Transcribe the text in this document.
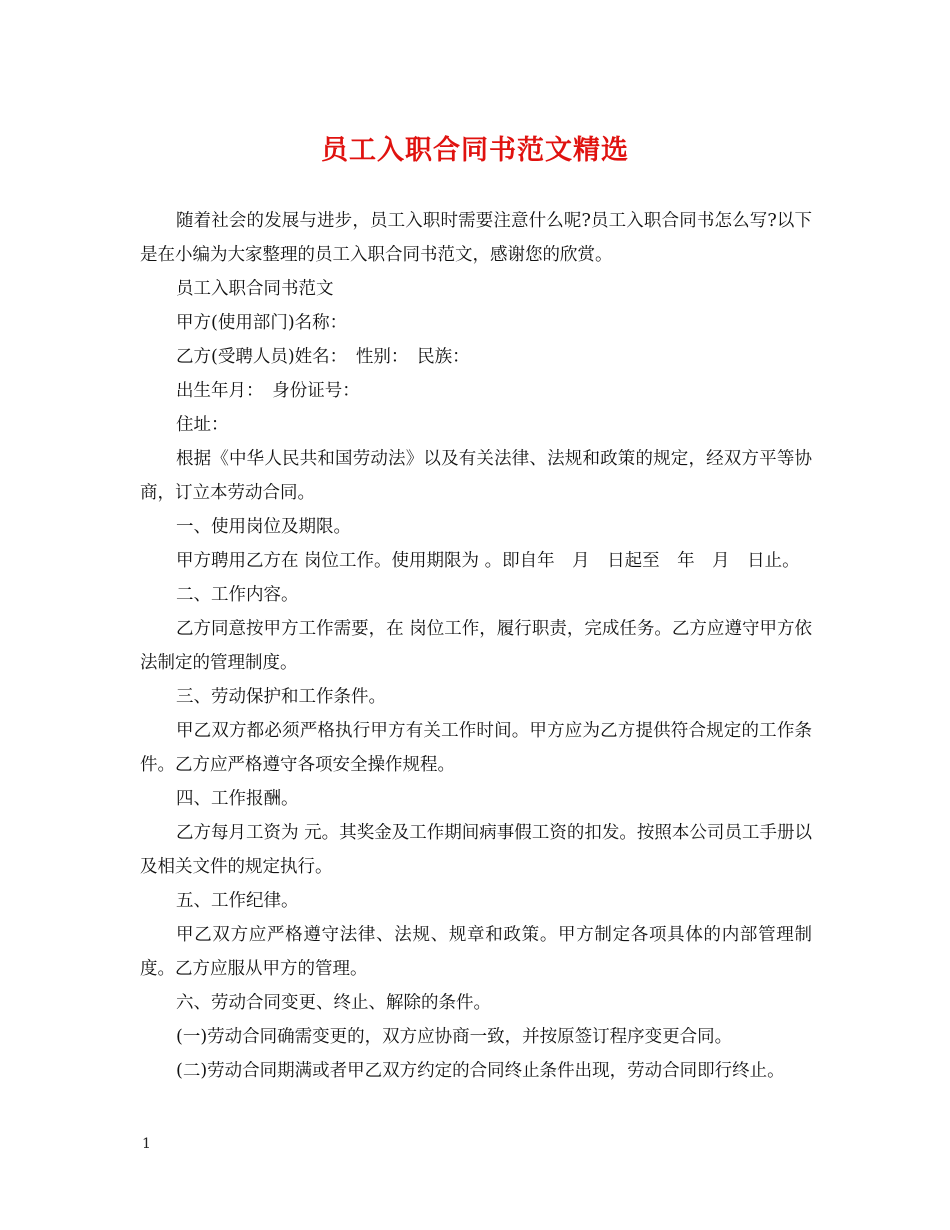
员工入职合同书范文精选

随着社会的发展与进步，员工入职时需要注意什么呢?员工入职合同书怎么写?以下是在小编为大家整理的员工入职合同书范文，感谢您的欣赏。

员工入职合同书范文

甲方(使用部门)名称：

乙方(受聘人员)姓名：　性别：　民族：

出生年月：　身份证号：

住址：

根据《中华人民共和国劳动法》以及有关法律、法规和政策的规定，经双方平等协商，订立本劳动合同。

一、使用岗位及期限。

甲方聘用乙方在 岗位工作。使用期限为 。即自年　月　日起至　年　月　日止。

二、工作内容。

乙方同意按甲方工作需要，在 岗位工作，履行职责，完成任务。乙方应遵守甲方依法制定的管理制度。

三、劳动保护和工作条件。

甲乙双方都必须严格执行甲方有关工作时间。甲方应为乙方提供符合规定的工作条件。乙方应严格遵守各项安全操作规程。

四、工作报酬。

乙方每月工资为 元。其奖金及工作期间病事假工资的扣发。按照本公司员工手册以及相关文件的规定执行。

五、工作纪律。

甲乙双方应严格遵守法律、法规、规章和政策。甲方制定各项具体的内部管理制度。乙方应服从甲方的管理。

六、劳动合同变更、终止、解除的条件。

(一)劳动合同确需变更的，双方应协商一致，并按原签订程序变更合同。

(二)劳动合同期满或者甲乙双方约定的合同终止条件出现，劳动合同即行终止。

1
